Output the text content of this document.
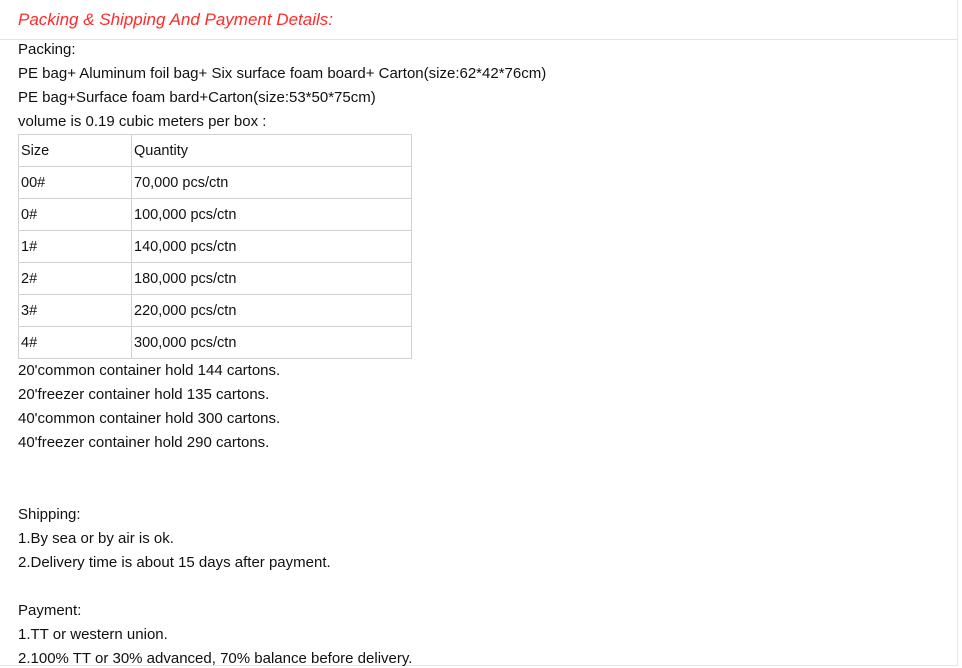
Packing & Shipping And Payment Details:
Packing:
PE bag+ Aluminum foil bag+ Six surface foam board+ Carton(size:62*42*76cm)
PE bag+Surface foam bard+Carton(size:53*50*75cm)
volume is 0.19 cubic meters per box :
Size	Quantity
00#	70,000 pcs/ctn
0#	100,000 pcs/ctn
1#	140,000 pcs/ctn
2#	180,000 pcs/ctn
3#	220,000 pcs/ctn
4#	300,000 pcs/ctn
20'common container hold 144 cartons.
20'freezer container hold 135 cartons.
40'common container hold 300 cartons.
40'freezer container hold 290 cartons.
Shipping:
1.By sea or by air is ok.
2.Delivery time is about 15 days after payment.
Payment:
1.TT or western union.
2.100% TT or 30% advanced, 70% balance before delivery.
